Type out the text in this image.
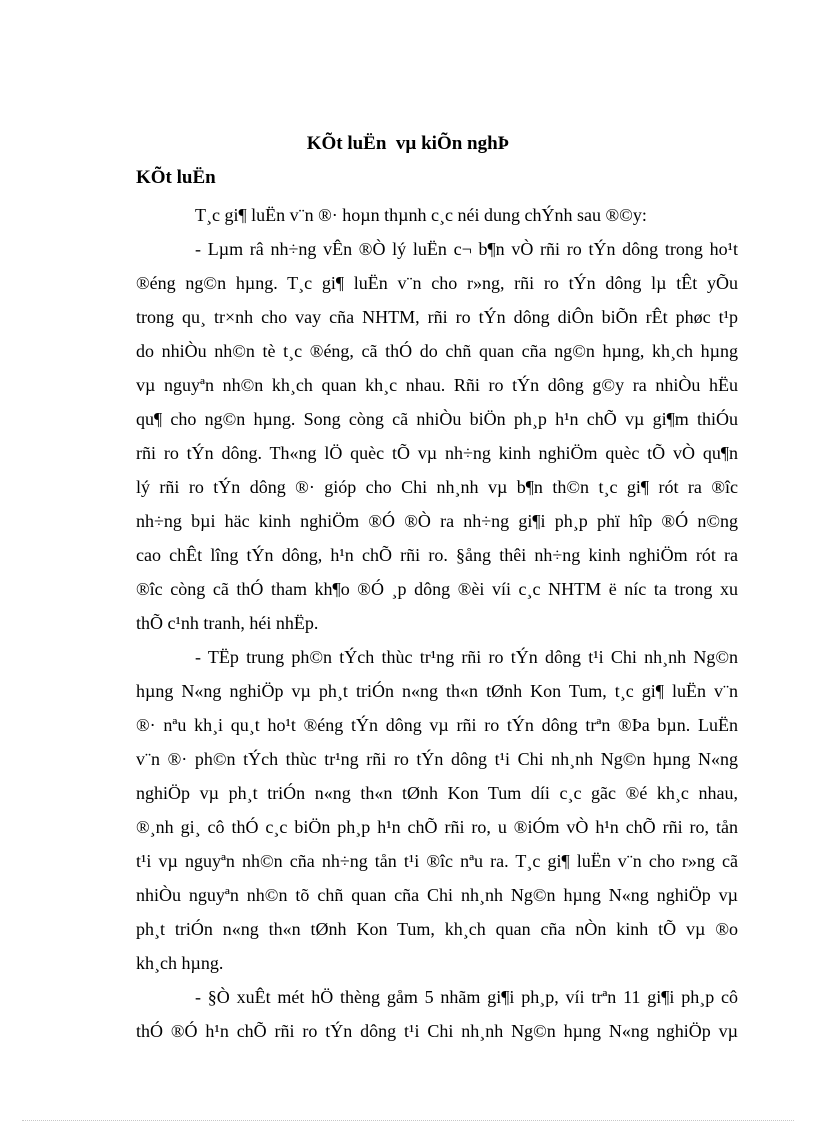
KÕt luËn  vµ kiÕn nghÞ
KÕt luËn
T¸c gi¶ luËn v¨n ®· hoµn thµnh c¸c néi dung chÝnh sau ®©y:
- Lµm râ nh÷ng vÊn ®Ò lý luËn c¬ b¶n vÒ rñi ro tÝn dông trong ho¹t
®éng ng©n hµng. T¸c gi¶ luËn v¨n cho r»ng, rñi ro tÝn dông lµ tÊt yÕu
trong qu¸ tr×nh cho vay cña NHTM, rñi ro tÝn dông diÔn biÕn rÊt phøc t¹p
do nhiÒu nh©n tè t¸c ®éng, cã thÓ do chñ quan cña ng©n hµng, kh¸ch hµng
vµ nguyªn nh©n kh¸ch quan kh¸c nhau. Rñi ro tÝn dông g©y ra nhiÒu hËu
qu¶ cho ng©n hµng. Song còng cã nhiÒu biÖn ph¸p h¹n chÕ vµ gi¶m thiÓu
rñi ro tÝn dông. Th«ng lÖ quèc tÕ vµ nh÷ng kinh nghiÖm quèc tÕ vÒ qu¶n
lý rñi ro tÝn dông ®· gióp cho Chi nh¸nh vµ b¶n th©n t¸c gi¶ rót ra ®îc
nh÷ng bµi häc kinh nghiÖm ®Ó ®Ò ra nh÷ng gi¶i ph¸p phï hîp ®Ó n©ng
cao chÊt lîng tÝn dông, h¹n chÕ rñi ro. §ång thêi nh÷ng kinh nghiÖm rót ra
®îc còng cã thÓ tham kh¶o ®Ó ¸p dông ®èi víi c¸c NHTM ë níc ta trong xu
thÕ c¹nh tranh, héi nhËp.
- TËp trung ph©n tÝch thùc tr¹ng rñi ro tÝn dông t¹i Chi nh¸nh Ng©n
hµng N«ng nghiÖp vµ ph¸t triÓn n«ng th«n tØnh Kon Tum, t¸c gi¶ luËn v¨n
®· nªu kh¸i qu¸t ho¹t ®éng tÝn dông vµ rñi ro tÝn dông trªn ®Þa bµn. LuËn
v¨n ®· ph©n tÝch thùc tr¹ng rñi ro tÝn dông t¹i Chi nh¸nh Ng©n hµng N«ng
nghiÖp vµ ph¸t triÓn n«ng th«n tØnh Kon Tum díi c¸c gãc ®é kh¸c nhau,
®¸nh gi¸ cô thÓ c¸c biÖn ph¸p h¹n chÕ rñi ro, u ®iÓm vÒ h¹n chÕ rñi ro, tån
t¹i vµ nguyªn nh©n cña nh÷ng tån t¹i ®îc nªu ra. T¸c gi¶ luËn v¨n cho r»ng cã
nhiÒu nguyªn nh©n tõ chñ quan cña Chi nh¸nh Ng©n hµng N«ng nghiÖp vµ
ph¸t triÓn n«ng th«n tØnh Kon Tum, kh¸ch quan cña nÒn kinh tÕ vµ ®o
kh¸ch hµng.
- §Ò xuÊt mét hÖ thèng gåm 5 nhãm gi¶i ph¸p, víi trªn 11 gi¶i ph¸p cô
thÓ ®Ó h¹n chÕ rñi ro tÝn dông t¹i Chi nh¸nh Ng©n hµng N«ng nghiÖp vµ
